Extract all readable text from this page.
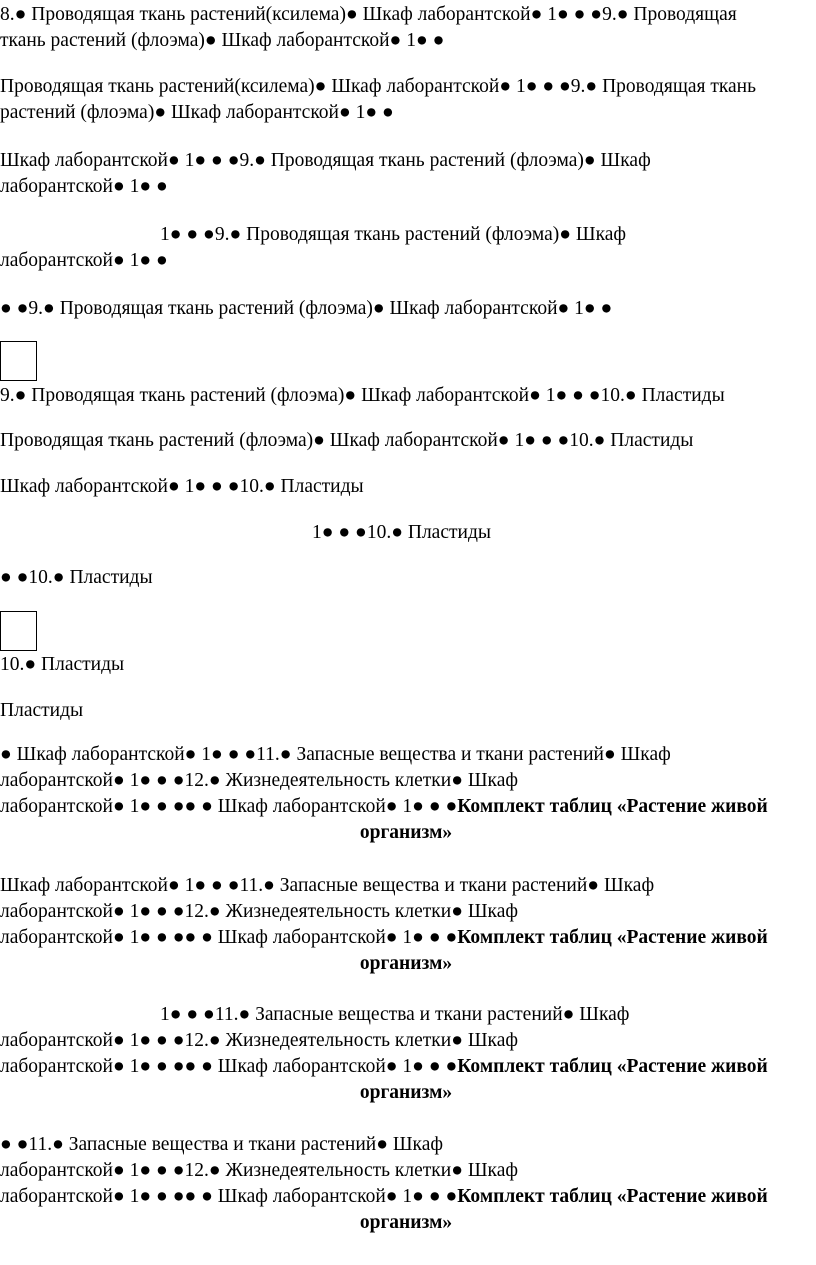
8.● Проводящая ткань растений(ксилема)● Шкаф лаборантской● 1● ● ●9.● Проводящая

ткань растений (флоэма)● Шкаф лаборантской● 1● ●

Проводящая ткань растений(ксилема)● Шкаф лаборантской● 1● ● ●9.● Проводящая ткань

растений (флоэма)● Шкаф лаборантской● 1● ●

Шкаф лаборантской● 1● ● ●9.● Проводящая ткань растений (флоэма)● Шкаф

лаборантской● 1● ●

1● ● ●9.● Проводящая ткань растений (флоэма)● Шкаф

лаборантской● 1● ●

● ●9.● Проводящая ткань растений (флоэма)● Шкаф лаборантской● 1● ●

9.● Проводящая ткань растений (флоэма)● Шкаф лаборантской● 1● ● ●10.● Пластиды

Проводящая ткань растений (флоэма)● Шкаф лаборантской● 1● ● ●10.● Пластиды

Шкаф лаборантской● 1● ● ●10.● Пластиды

1● ● ●10.● Пластиды

● ●10.● Пластиды

10.● Пластиды

Пластиды

● Шкаф лаборантской● 1● ● ●11.● Запасные вещества и ткани растений● Шкаф

лаборантской● 1● ● ●12.● Жизнедеятельность клетки● Шкаф

лаборантской● 1● ● ●● ● Шкаф лаборантской● 1● ● ●Комплект таблиц «Растение живой

организм»

Шкаф лаборантской● 1● ● ●11.● Запасные вещества и ткани растений● Шкаф

лаборантской● 1● ● ●12.● Жизнедеятельность клетки● Шкаф

лаборантской● 1● ● ●● ● Шкаф лаборантской● 1● ● ●Комплект таблиц «Растение живой

организм»

1● ● ●11.● Запасные вещества и ткани растений● Шкаф

лаборантской● 1● ● ●12.● Жизнедеятельность клетки● Шкаф

лаборантской● 1● ● ●● ● Шкаф лаборантской● 1● ● ●Комплект таблиц «Растение живой

организм»

● ●11.● Запасные вещества и ткани растений● Шкаф

лаборантской● 1● ● ●12.● Жизнедеятельность клетки● Шкаф

лаборантской● 1● ● ●● ● Шкаф лаборантской● 1● ● ●Комплект таблиц «Растение живой

организм»
